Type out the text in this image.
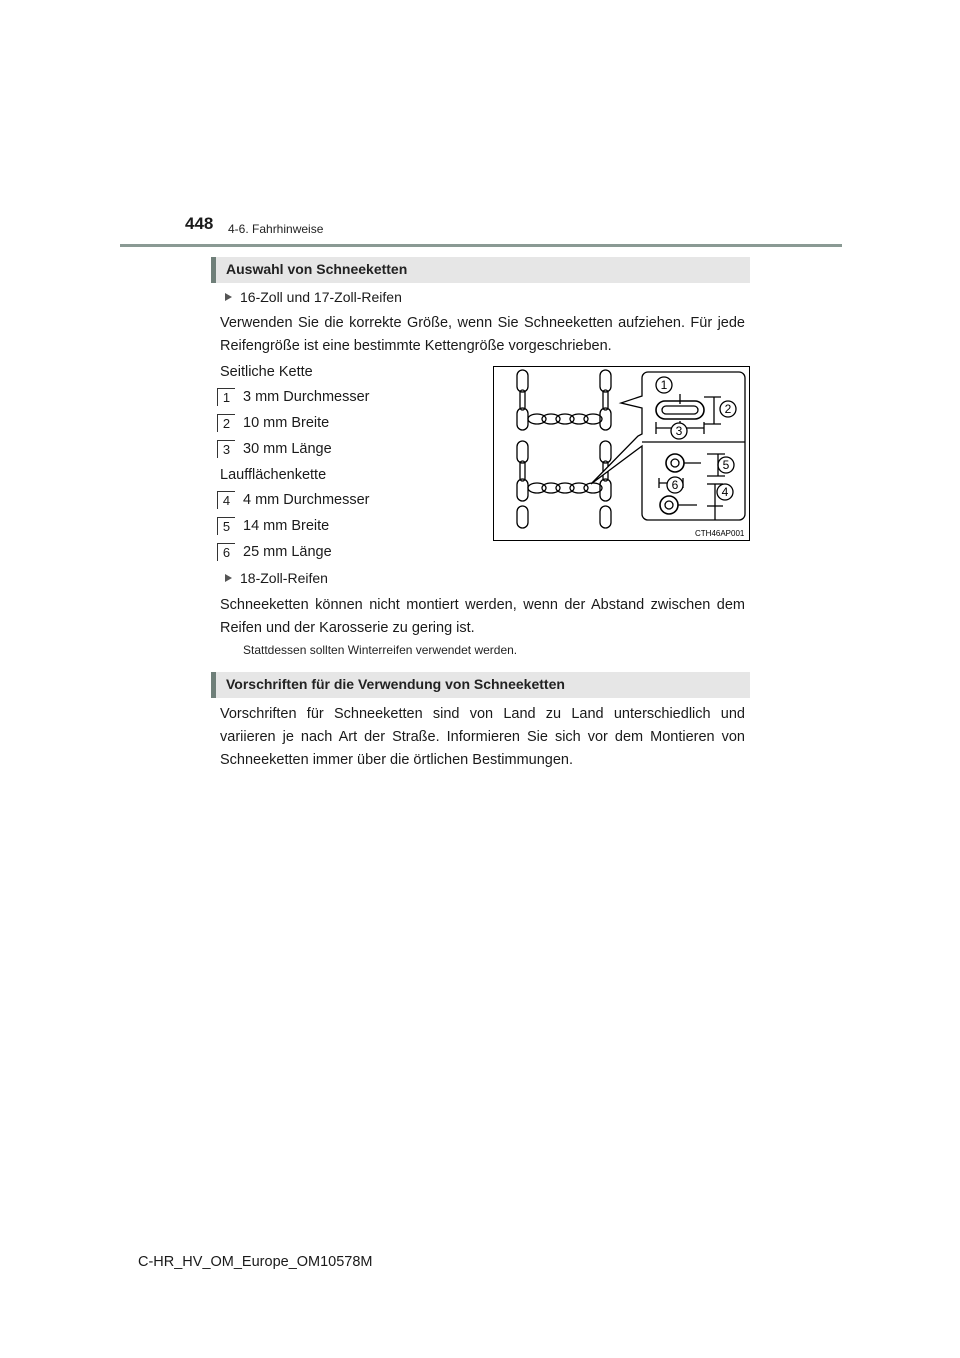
448 4-6. Fahrhinweise
Auswahl von Schneeketten
16-Zoll und 17-Zoll-Reifen
Verwenden Sie die korrekte Größe, wenn Sie Schneeketten aufziehen. Für jede Reifengröße ist eine bestimmte Kettengröße vorgeschrieben.
Seitliche Kette
1 3 mm Durchmesser
2 10 mm Breite
3 30 mm Länge
Laufflächenkette
4 4 mm Durchmesser
5 14 mm Breite
6 25 mm Länge
18-Zoll-Reifen
Schneeketten können nicht montiert werden, wenn der Abstand zwischen dem Reifen und der Karosserie zu gering ist.
Stattdessen sollten Winterreifen verwendet werden.
1
2
3
4
5
6
CTH46AP001
Vorschriften für die Verwendung von Schneeketten
Vorschriften für Schneeketten sind von Land zu Land unterschiedlich und variieren je nach Art der Straße. Informieren Sie sich vor dem Montieren von Schneeketten immer über die örtlichen Bestimmungen.
C-HR_HV_OM_Europe_OM10578M
